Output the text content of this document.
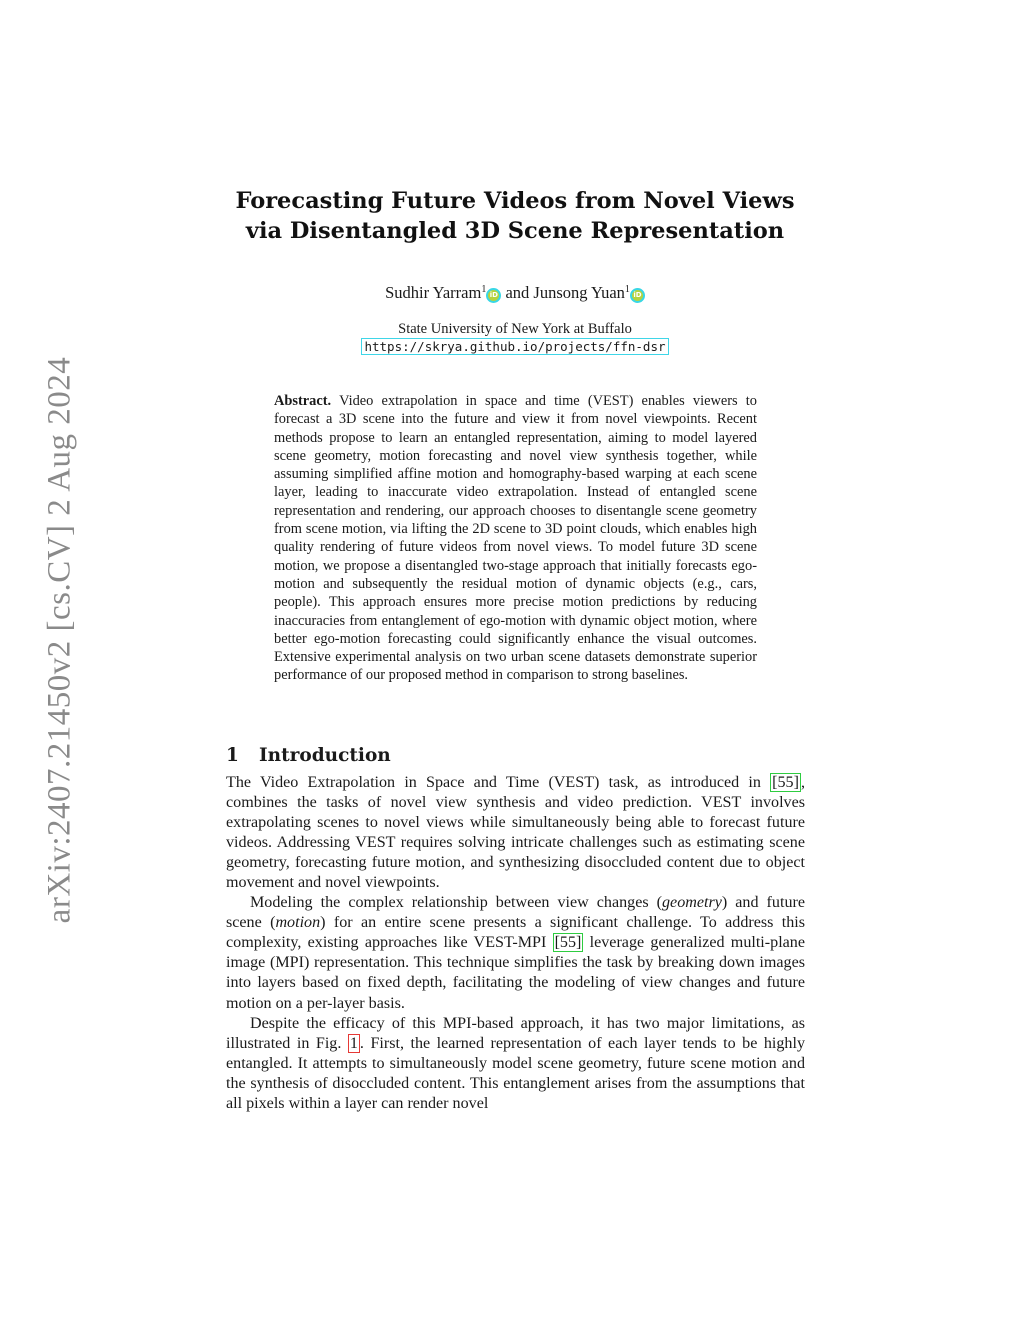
arXiv:2407.21450v2 [cs.CV] 2 Aug 2024
Forecasting Future Videos from Novel Views
via Disentangled 3D Scene Representation
Sudhir Yarram$^1$ iD and Junsong Yuan$^1$ iD
State University of New York at Buffalo
https://skrya.github.io/projects/ffn-dsr
Abstract. Video extrapolation in space and time (VEST) enables viewers to forecast a 3D scene into the future and view it from novel viewpoints. Recent methods propose to learn an entangled representation, aiming to model layered scene geometry, motion forecasting and novel view synthesis together, while assuming simplified affine motion and homography-based warping at each scene layer, leading to inaccurate video extrapolation. Instead of entangled scene representation and rendering, our approach chooses to disentangle scene geometry from scene motion, via lifting the 2D scene to 3D point clouds, which enables high quality rendering of future videos from novel views. To model future 3D scene motion, we propose a disentangled two-stage approach that initially forecasts ego-motion and subsequently the residual motion of dynamic objects (e.g., cars, people). This approach ensures more precise motion predictions by reducing inaccuracies from entanglement of ego-motion with dynamic object motion, where better ego-motion forecasting could significantly enhance the visual outcomes. Extensive experimental analysis on two urban scene datasets demonstrate superior performance of our proposed method in comparison to strong baselines.
1 Introduction

The Video Extrapolation in Space and Time (VEST) task, as introduced in [55] , combines the tasks of novel view synthesis and video prediction. VEST involves extrapolating scenes to novel views while simultaneously being able to forecast future videos. Addressing VEST requires solving intricate challenges such as estimating scene geometry, forecasting future motion, and synthesizing disoccluded content due to object movement and novel viewpoints.

Modeling the complex relationship between view changes (geometry) and future scene (motion) for an entire scene presents a significant challenge. To address this complexity, existing approaches like VEST-MPI [55] leverage generalized multi-plane image (MPI) representation. This technique simplifies the task by breaking down images into layers based on fixed depth, facilitating the modeling of view changes and future motion on a per-layer basis.

Despite the efficacy of this MPI-based approach, it has two major limitations, as illustrated in Fig. 1 . First, the learned representation of each layer tends to be highly entangled. It attempts to simultaneously model scene geometry, future scene motion and the synthesis of disoccluded content. This entanglement arises from the assumptions that all pixels within a layer can render novel
